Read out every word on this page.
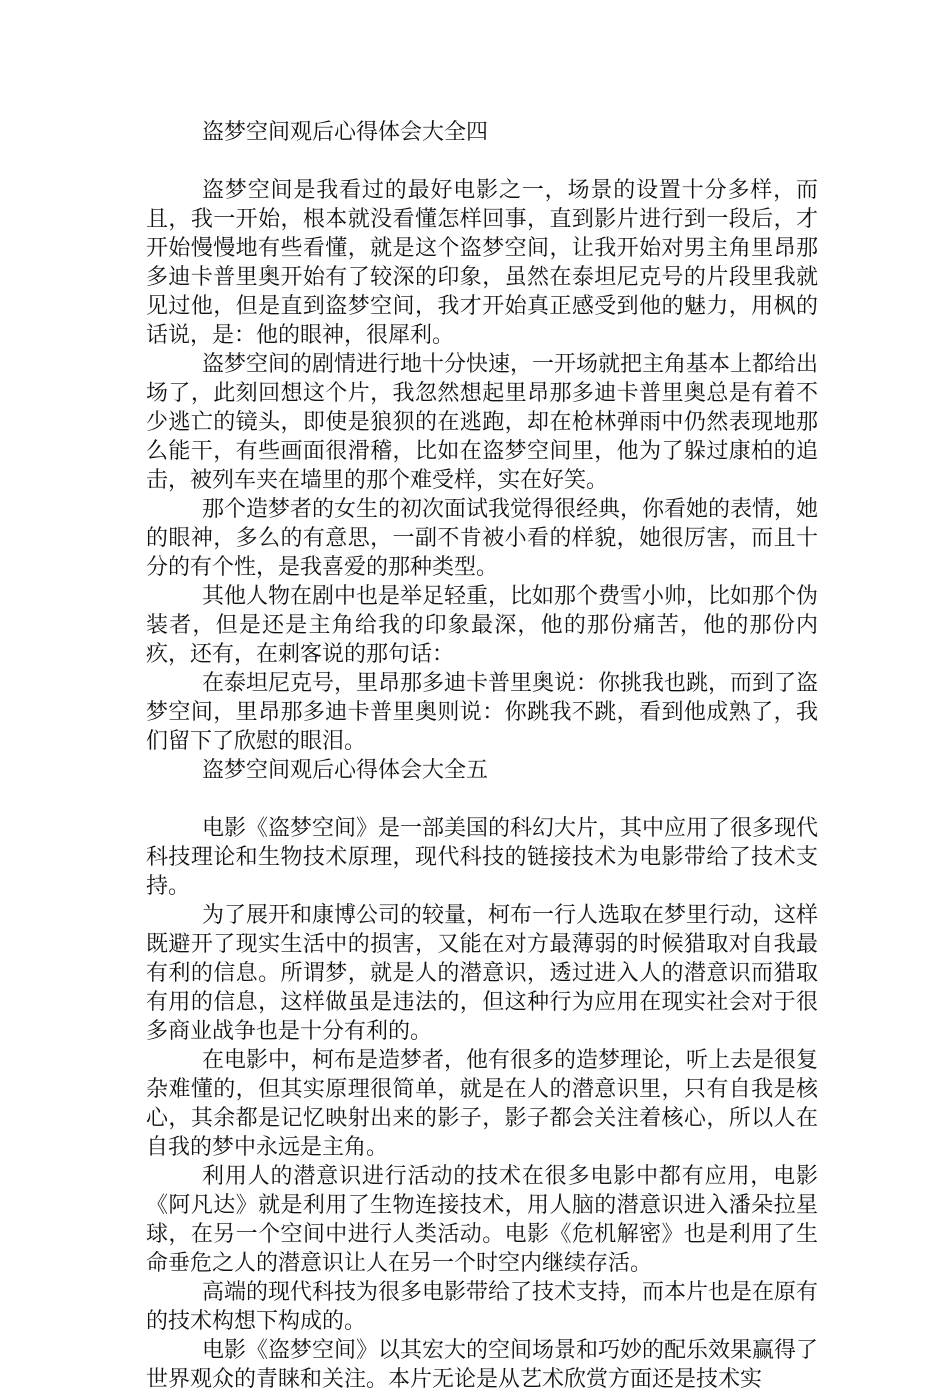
盗梦空间观后心得体会大全四

盗梦空间是我看过的最好电影之一，场景的设置十分多样，而且，我一开始，根本就没看懂怎样回事，直到影片进行到一段后，才开始慢慢地有些看懂，就是这个盗梦空间，让我开始对男主角里昂那多迪卡普里奥开始有了较深的印象，虽然在泰坦尼克号的片段里我就见过他，但是直到盗梦空间，我才开始真正感受到他的魅力，用枫的话说，是：他的眼神，很犀利。

盗梦空间的剧情进行地十分快速，一开场就把主角基本上都给出场了，此刻回想这个片，我忽然想起里昂那多迪卡普里奥总是有着不少逃亡的镜头，即使是狼狈的在逃跑，却在枪林弹雨中仍然表现地那么能干，有些画面很滑稽，比如在盗梦空间里，他为了躲过康柏的追击，被列车夹在墙里的那个难受样，实在好笑。

那个造梦者的女生的初次面试我觉得很经典，你看她的表情，她的眼神，多么的有意思，一副不肯被小看的样貌，她很厉害，而且十分的有个性，是我喜爱的那种类型。

其他人物在剧中也是举足轻重，比如那个费雪小帅，比如那个伪装者，但是还是主角给我的印象最深，他的那份痛苦，他的那份内疚，还有，在刺客说的那句话：

在泰坦尼克号，里昂那多迪卡普里奥说：你挑我也跳，而到了盗梦空间，里昂那多迪卡普里奥则说：你跳我不跳，看到他成熟了，我们留下了欣慰的眼泪。

盗梦空间观后心得体会大全五

电影《盗梦空间》是一部美国的科幻大片，其中应用了很多现代科技理论和生物技术原理，现代科技的链接技术为电影带给了技术支持。

为了展开和康博公司的较量，柯布一行人选取在梦里行动，这样既避开了现实生活中的损害，又能在对方最薄弱的时候猎取对自我最有利的信息。所谓梦，就是人的潜意识，透过进入人的潜意识而猎取有用的信息，这样做虽是违法的，但这种行为应用在现实社会对于很多商业战争也是十分有利的。

在电影中，柯布是造梦者，他有很多的造梦理论，听上去是很复杂难懂的，但其实原理很简单，就是在人的潜意识里，只有自我是核心，其余都是记忆映射出来的影子，影子都会关注着核心，所以人在自我的梦中永远是主角。

利用人的潜意识进行活动的技术在很多电影中都有应用，电影《阿凡达》就是利用了生物连接技术，用人脑的潜意识进入潘朵拉星球，在另一个空间中进行人类活动。电影《危机解密》也是利用了生命垂危之人的潜意识让人在另一个时空内继续存活。

高端的现代科技为很多电影带给了技术支持，而本片也是在原有的技术构想下构成的。

电影《盗梦空间》以其宏大的空间场景和巧妙的配乐效果赢得了世界观众的青睐和关注。本片无论是从艺术欣赏方面还是技术实
